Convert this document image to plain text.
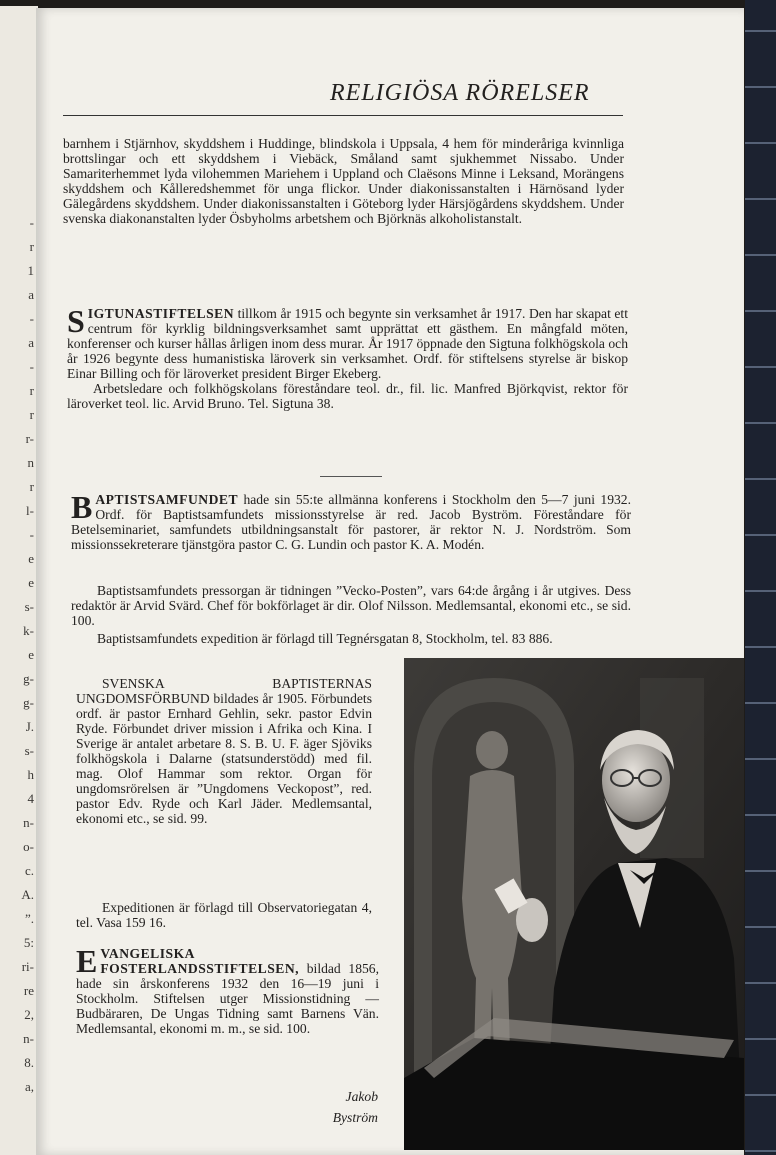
-
r
1
a
-
a
-
r
r
r-
n
r
l-
-
e
e
s-
k-
e
g-
g-
J.
s-
h
4
n-
o-
c.
A.
”.
5:
ri-
re
2,
n-
8.
a,
RELIGIÖSA RÖRELSER

barnhem i Stjärnhov, skyddshem i Huddinge, blindskola i Uppsala, 4 hem för minderåriga kvinnliga brottslingar och ett skyddshem i Viebäck, Småland samt sjukhemmet Nissabo. Under Samariterhemmet lyda vilohemmen Mariehem i Uppland och Claësons Minne i Leksand, Morängens skyddshem och Kålleredshemmet för unga flickor. Under diakonissanstalten i Härnösand lyder Gälegårdens skyddshem. Under diakonissanstalten i Göteborg lyder Härsjögårdens skyddshem. Under svenska diakonanstalten lyder Ösbyholms arbetshem och Björknäs alkoholistanstalt.

SIGTUNASTIFTELSEN tillkom år 1915 och begynte sin verksamhet år 1917. Den har skapat ett centrum för kyrklig bildningsverksamhet samt upprättat ett gästhem. En mångfald möten, konferenser och kurser hållas årligen inom dess murar. År 1917 öppnade den Sigtuna folkhögskola och år 1926 begynte dess humanistiska läroverk sin verksamhet. Ordf. för stiftelsens styrelse är biskop Einar Billing och för läroverket president Birger Ekeberg.

Arbetsledare och folkhögskolans föreståndare teol. dr., fil. lic. Manfred Björkqvist, rektor för läroverket teol. lic. Arvid Bruno. Tel. Sigtuna 38.

BAPTISTSAMFUNDET hade sin 55:te allmänna konferens i Stockholm den 5—7 juni 1932. Ordf. för Baptistsamfundets missionsstyrelse är red. Jacob Byström. Föreståndare för Betelseminariet, samfundets utbildningsanstalt för pastorer, är rektor N. J. Nordström. Som missionssekreterare tjänstgöra pastor C. G. Lundin och pastor K. A. Modén.

Baptistsamfundets pressorgan är tidningen ”Vecko-Posten”, vars 64:de årgång i år utgives. Dess redaktör är Arvid Svärd. Chef för bokförlaget är dir. Olof Nilsson. Medlemsantal, ekonomi etc., se sid. 100.

Baptistsamfundets expedition är förlagd till Tegnérsgatan 8, Stockholm, tel. 83 886.

SVENSKA BAPTISTERNAS UNGDOMSFÖRBUND bildades år 1905. Förbundets ordf. är pastor Ernhard Gehlin, sekr. pastor Edvin Ryde. Förbundet driver mission i Afrika och Kina. I Sverige är antalet arbetare 8. S. B. U. F. äger Sjöviks folkhögskola i Dalarne (statsunderstödd) med fil. mag. Olof Hammar som rektor. Organ för ungdomsrörelsen är ”Ungdomens Veckopost”, red. pastor Edv. Ryde och Karl Jäder. Medlemsantal, ekonomi etc., se sid. 99.

Expeditionen är förlagd till Observatoriegatan 4, tel. Vasa 159 16.

EVANGELISKA FOSTERLANDSSTIFTELSEN, bildad 1856, hade sin årskonferens 1932 den 16—19 juni i Stockholm. Stiftelsen utger Missionstidning — Budbäraren, De Ungas Tidning samt Barnens Vän. Medlemsantal, ekonomi m. m., se sid. 100.

Jakob
Byström
